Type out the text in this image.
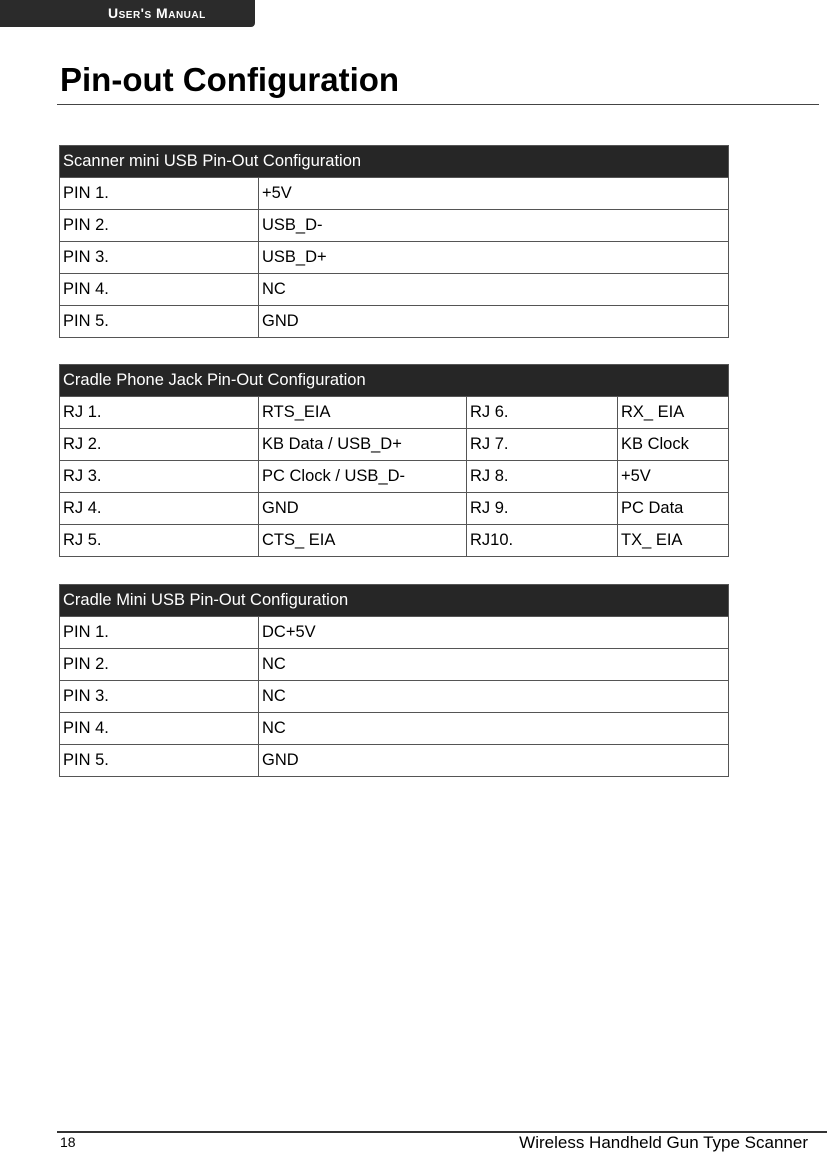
User's Manual
Pin-out Configuration
Scanner mini USB Pin-Out Configuration	
PIN 1.	+5V
PIN 2.	USB_D-
PIN 3.	USB_D+
PIN 4.	NC
PIN 5.	GND
Cradle Phone Jack Pin-Out Configuration			
RJ 1.	RTS_EIA	RJ 6.	RX_ EIA
RJ 2.	KB Data / USB_D+	RJ 7.	KB Clock
RJ 3.	PC Clock / USB_D-	RJ 8.	+5V
RJ 4.	GND	RJ 9.	PC Data
RJ 5.	CTS_ EIA	RJ10.	TX_ EIA
Cradle Mini USB Pin-Out Configuration	
PIN 1.	DC+5V
PIN 2.	NC
PIN 3.	NC
PIN 4.	NC
PIN 5.	GND
18	Wireless Handheld Gun Type Scanner
